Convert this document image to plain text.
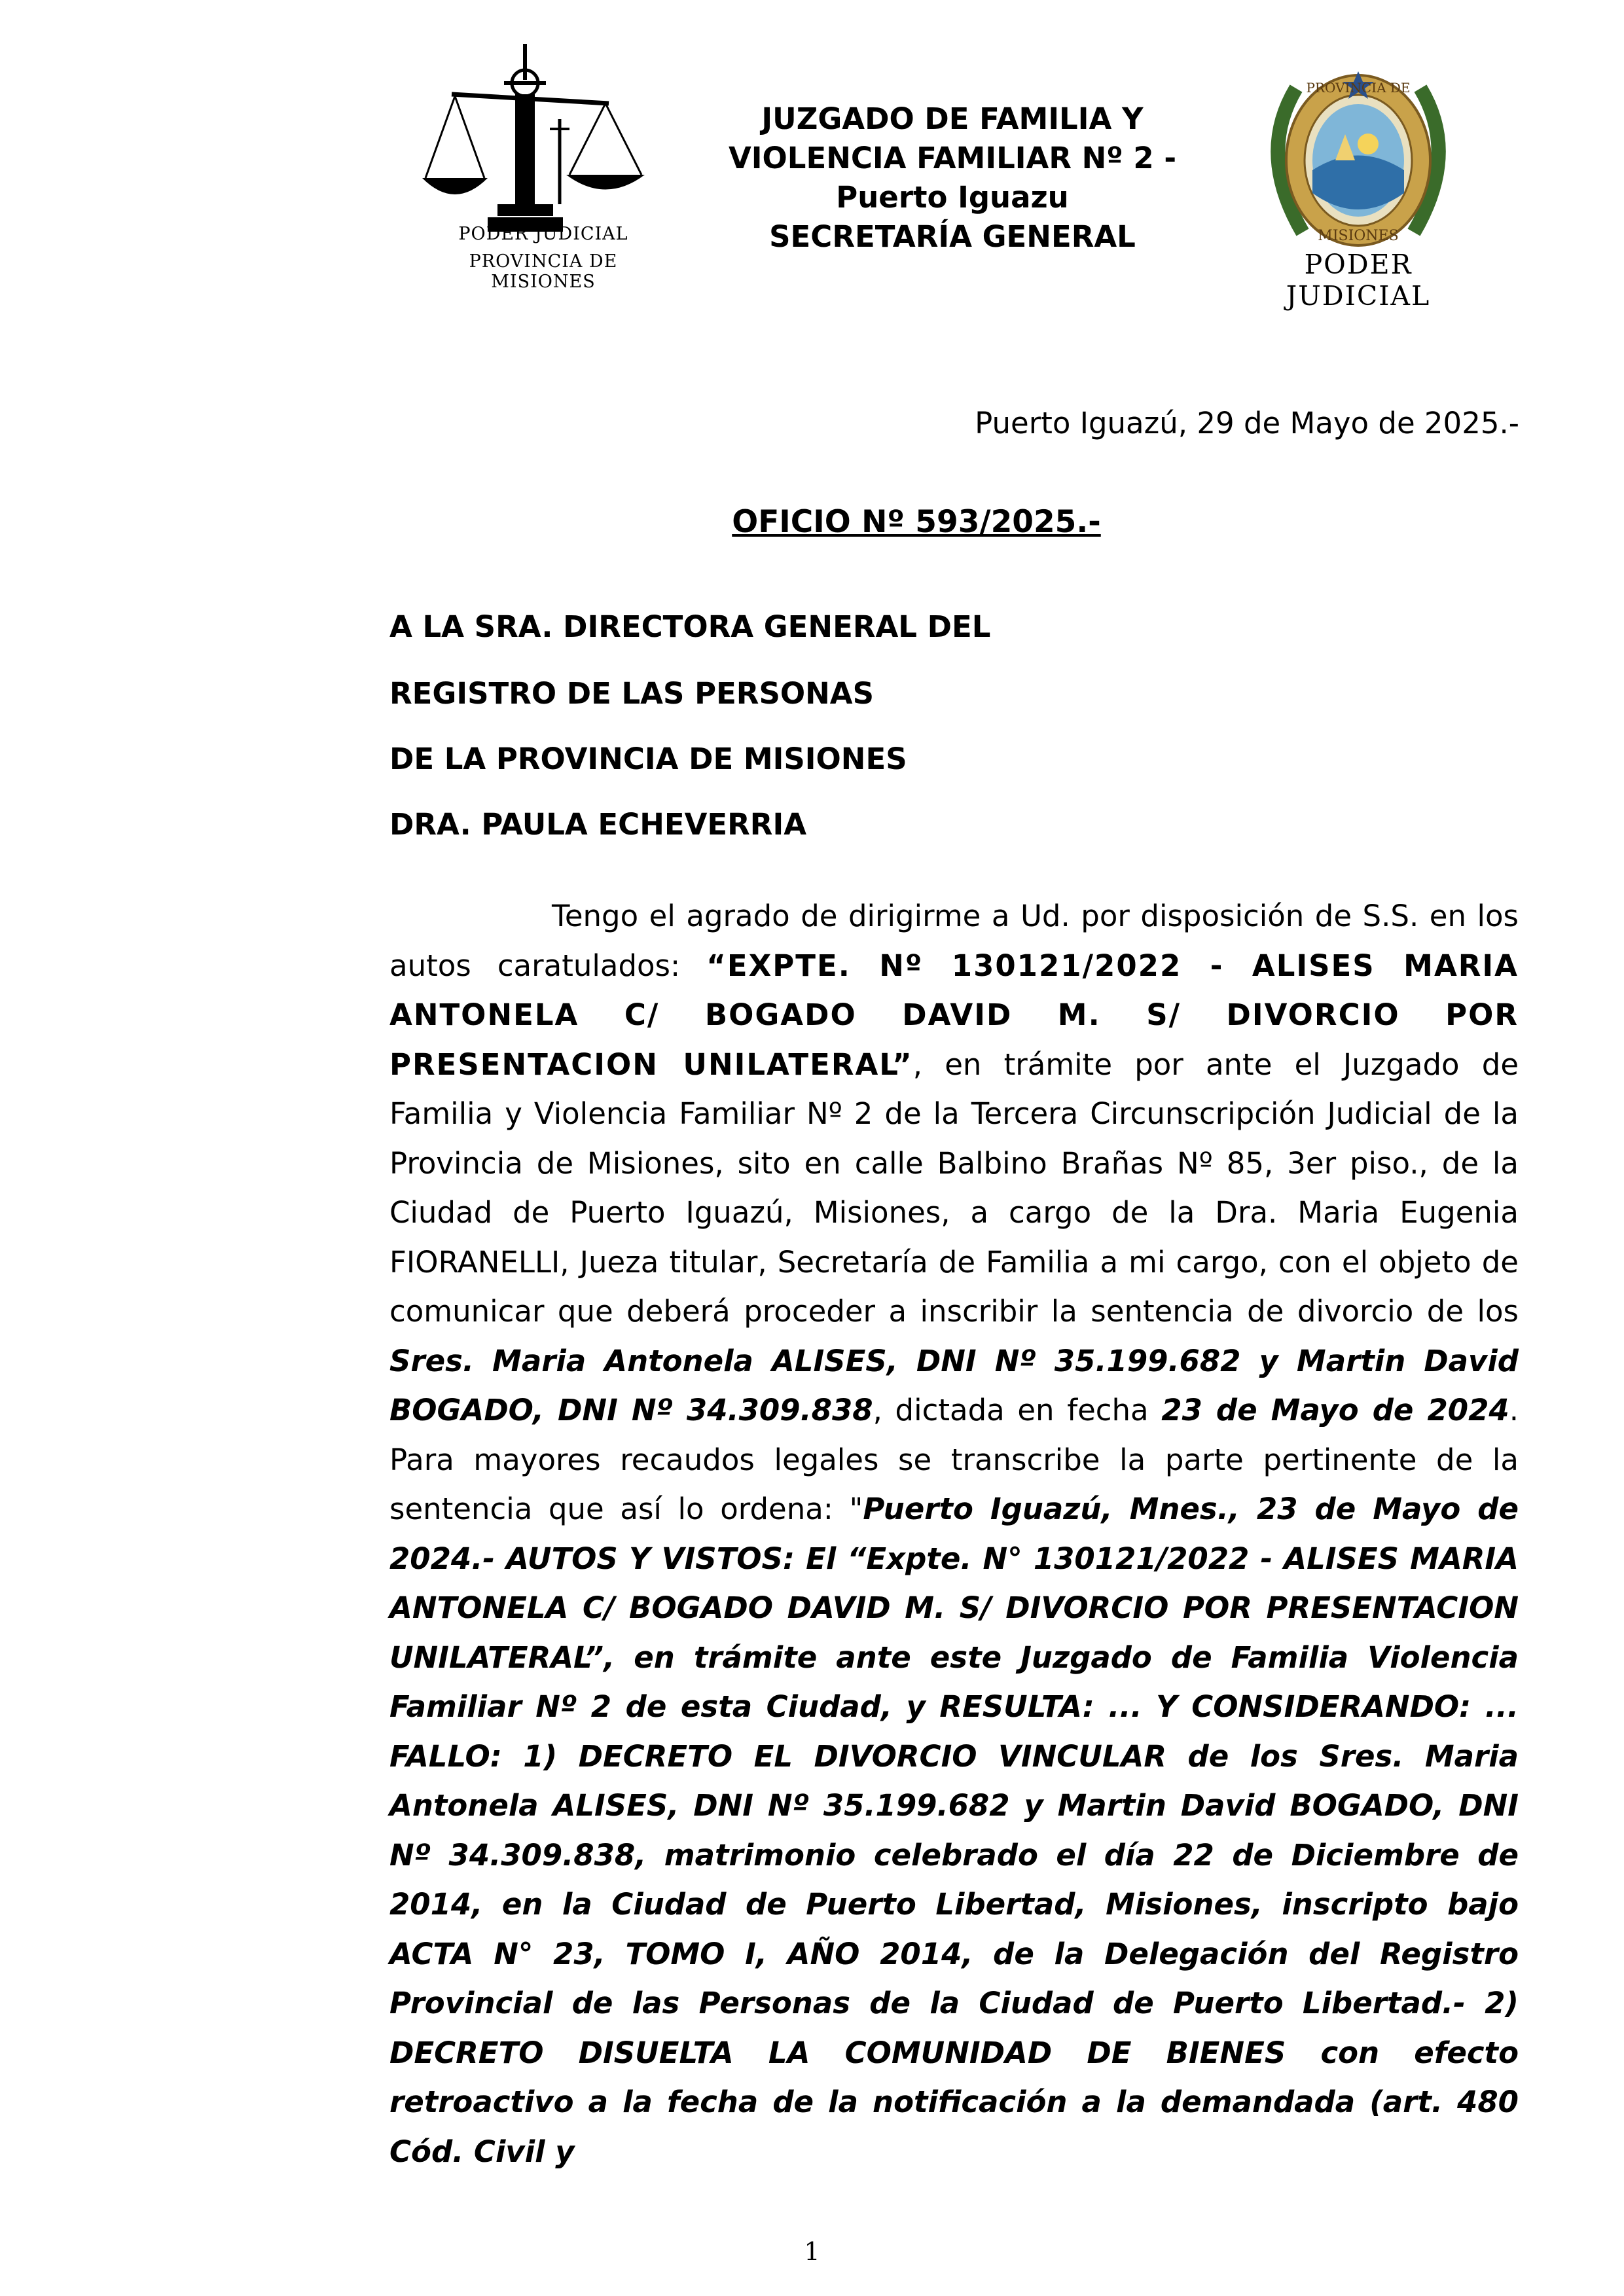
PODER JUDICIAL
PROVINCIA DE MISIONES
JUZGADO DE FAMILIA Y
VIOLENCIA FAMILIAR Nº 2 -
Puerto Iguazu
SECRETARÍA GENERAL
PROVINCIA DE
MISIONES
PODER JUDICIAL
Puerto Iguazú, 29 de Mayo de 2025.-
OFICIO Nº 593/2025.-
A LA SRA. DIRECTORA GENERAL DEL
REGISTRO DE LAS PERSONAS
DE LA PROVINCIA DE MISIONES
DRA. PAULA ECHEVERRIA

Tengo el agrado de dirigirme a Ud. por disposición de S.S. en los autos caratulados: “EXPTE. Nº 130121/2022 - ALISES MARIA ANTONELA C/ BOGADO DAVID M. S/ DIVORCIO POR PRESENTACION UNILATERAL”, en trámite por ante el Juzgado de Familia y Violencia Familiar Nº 2 de la Tercera Circunscripción Judicial de la Provincia de Misiones, sito en calle Balbino Brañas Nº 85, 3er piso., de la Ciudad de Puerto Iguazú, Misiones, a cargo de la Dra. Maria Eugenia FIORANELLI, Jueza titular, Secretaría de Familia a mi cargo, con el objeto de comunicar que deberá proceder a inscribir la sentencia de divorcio de los Sres. Maria Antonela ALISES, DNI Nº 35.199.682 y Martin David BOGADO, DNI Nº 34.309.838, dictada en fecha 23 de Mayo de 2024. Para mayores recaudos legales se transcribe la parte pertinente de la sentencia que así lo ordena: "Puerto Iguazú, Mnes., 23 de Mayo de 2024.- AUTOS Y VISTOS: El “Expte. N° 130121/2022 - ALISES MARIA ANTONELA C/ BOGADO DAVID M. S/ DIVORCIO POR PRESENTACION UNILATERAL”, en trámite ante este Juzgado de Familia Violencia Familiar Nº 2 de esta Ciudad, y RESULTA: ... Y CONSIDERANDO: ... FALLO: 1) DECRETO EL DIVORCIO VINCULAR de los Sres. Maria Antonela ALISES, DNI Nº 35.199.682 y Martin David BOGADO, DNI Nº 34.309.838, matrimonio celebrado el día 22 de Diciembre de 2014, en la Ciudad de Puerto Libertad, Misiones, inscripto bajo ACTA N° 23, TOMO I, AÑO 2014, de la Delegación del Registro Provincial de las Personas de la Ciudad de Puerto Libertad.- 2) DECRETO DISUELTA LA COMUNIDAD DE BIENES con efecto retroactivo a la fecha de la notificación a la demandada (art. 480 Cód. Civil y

1
